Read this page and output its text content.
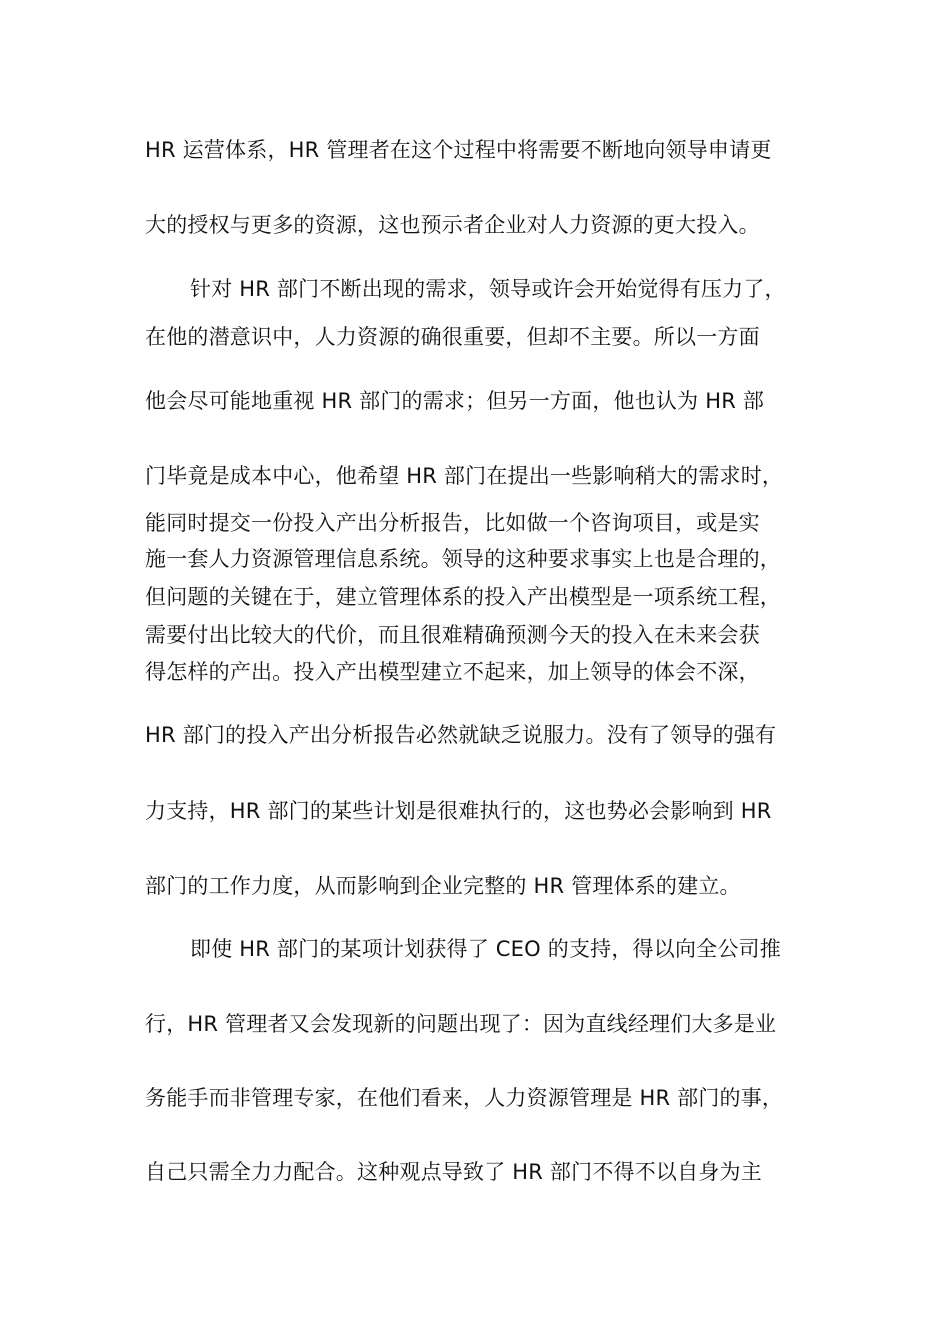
HR 运营体系，HR 管理者在这个过程中将需要不断地向领导申请更
大的授权与更多的资源，这也预示者企业对人力资源的更大投入。
针对 HR 部门不断出现的需求，领导或许会开始觉得有压力了，
在他的潜意识中，人力资源的确很重要，但却不主要。所以一方面
他会尽可能地重视 HR 部门的需求；但另一方面，他也认为 HR 部
门毕竟是成本中心，他希望 HR 部门在提出一些影响稍大的需求时，
能同时提交一份投入产出分析报告，比如做一个咨询项目，或是实
施一套人力资源管理信息系统。领导的这种要求事实上也是合理的，
但问题的关键在于，建立管理体系的投入产出模型是一项系统工程，
需要付出比较大的代价，而且很难精确预测今天的投入在未来会获
得怎样的产出。投入产出模型建立不起来，加上领导的体会不深，
HR 部门的投入产出分析报告必然就缺乏说服力。没有了领导的强有
力支持，HR 部门的某些计划是很难执行的，这也势必会影响到 HR
部门的工作力度，从而影响到企业完整的 HR 管理体系的建立。
即使 HR 部门的某项计划获得了 CEO 的支持，得以向全公司推
行，HR 管理者又会发现新的问题出现了：因为直线经理们大多是业
务能手而非管理专家，在他们看来，人力资源管理是 HR 部门的事，
自己只需全力力配合。这种观点导致了 HR 部门不得不以自身为主
